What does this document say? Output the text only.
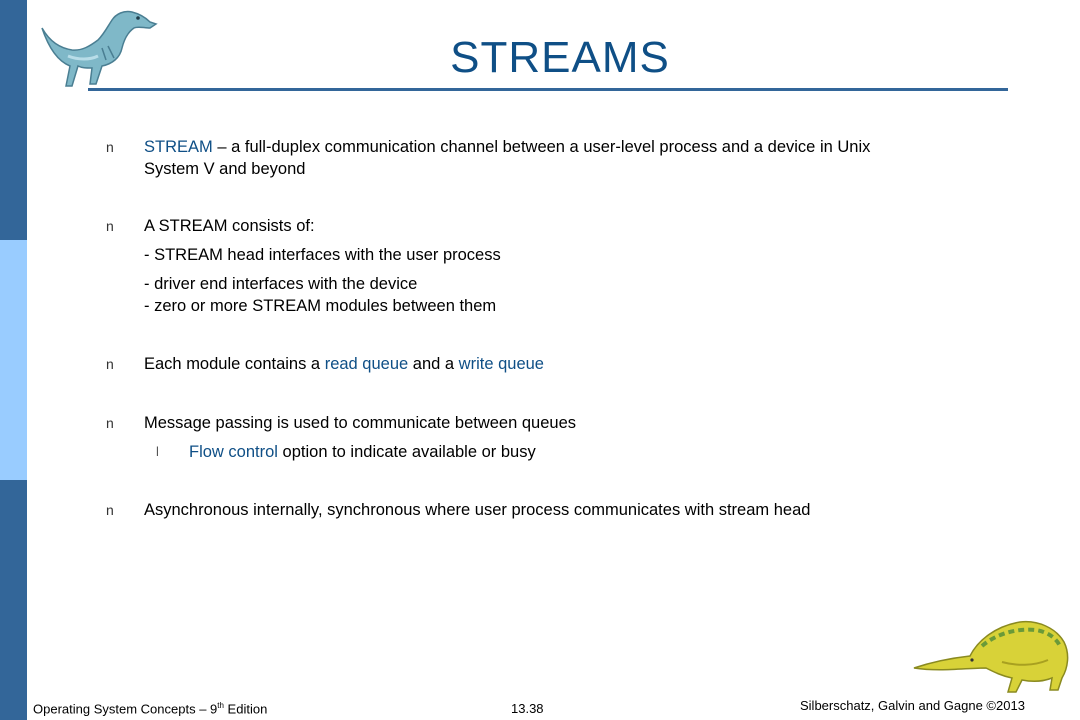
STREAMS
n STREAM – a full-duplex communication channel between a user-level process and a device in Unix
System V and beyond
n A STREAM consists of:
- STREAM head interfaces with the user process
- driver end interfaces with the device
- zero or more STREAM modules between them
n Each module contains a read queue and a write queue
n Message passing is used to communicate between queues
l Flow control option to indicate available or busy
n Asynchronous internally, synchronous where user process communicates with stream head
Operating System Concepts – 9th Edition	13.38	Silberschatz, Galvin and Gagne ©2013
